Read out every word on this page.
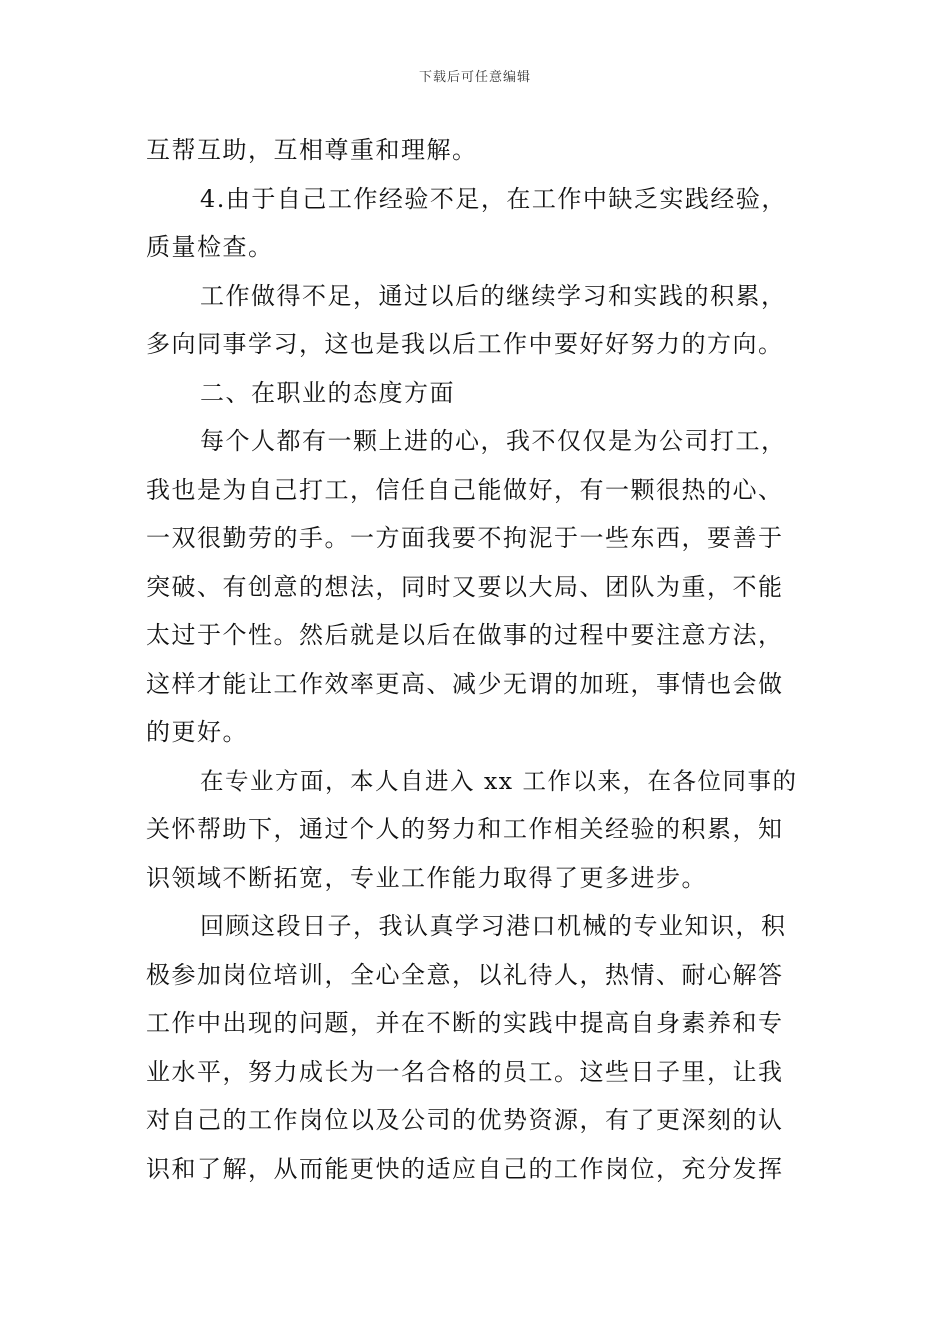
下载后可任意编辑
互帮互助，互相尊重和理解。
4.由于自己工作经验不足，在工作中缺乏实践经验，
质量检查。
工作做得不足，通过以后的继续学习和实践的积累，
多向同事学习，这也是我以后工作中要好好努力的方向。
二、在职业的态度方面
每个人都有一颗上进的心，我不仅仅是为公司打工，
我也是为自己打工，信任自己能做好，有一颗很热的心、
一双很勤劳的手。一方面我要不拘泥于一些东西，要善于
突破、有创意的想法，同时又要以大局、团队为重，不能
太过于个性。然后就是以后在做事的过程中要注意方法，
这样才能让工作效率更高、减少无谓的加班，事情也会做
的更好。
在专业方面，本人自进入 xx 工作以来，在各位同事的
关怀帮助下，通过个人的努力和工作相关经验的积累，知
识领域不断拓宽，专业工作能力取得了更多进步。
回顾这段日子，我认真学习港口机械的专业知识，积
极参加岗位培训，全心全意，以礼待人，热情、耐心解答
工作中出现的问题，并在不断的实践中提高自身素养和专
业水平，努力成长为一名合格的员工。这些日子里，让我
对自己的工作岗位以及公司的优势资源，有了更深刻的认
识和了解，从而能更快的适应自己的工作岗位，充分发挥
